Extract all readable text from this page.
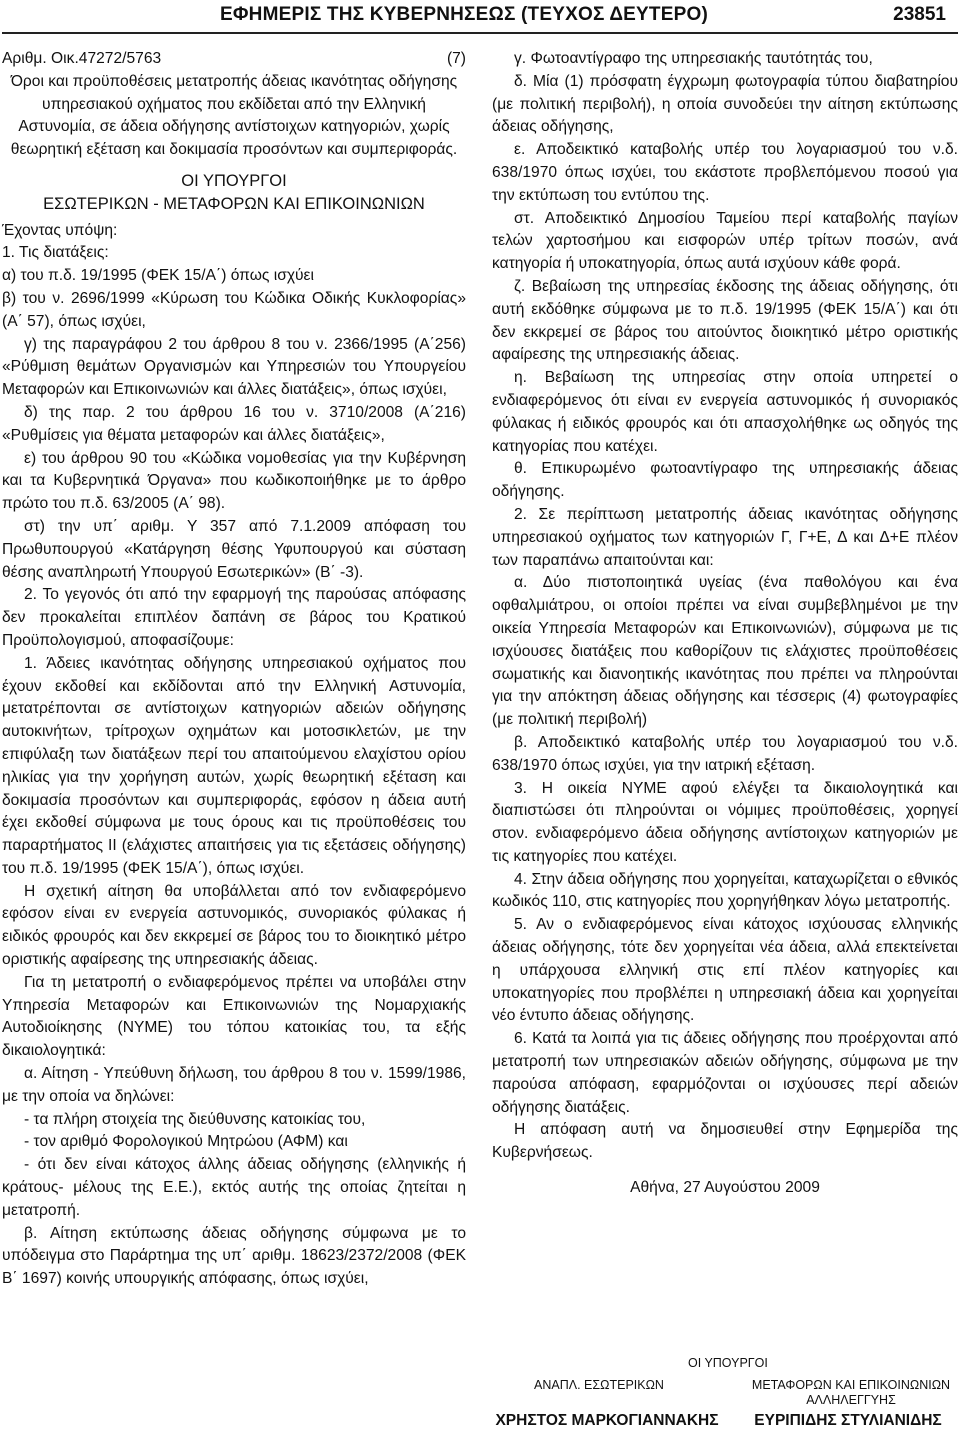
ΕΦΗΜΕΡΙΣ ΤΗΣ ΚΥΒΕΡΝΗΣΕΩΣ (ΤΕΥΧΟΣ ΔΕΥΤΕΡΟ)	23851

Αριθμ. Οικ.47272/5763	(7)

Όροι και προϋποθέσεις μετατροπής άδειας ικανότητας οδήγησης υπηρεσιακού οχήματος που εκδίδεται από την Ελληνική Αστυνομία, σε άδεια οδήγησης αντίστοιχων κατηγοριών, χωρίς θεωρητική εξέταση και δοκιμασία προσόντων και συμπεριφοράς.

ΟΙ ΥΠΟΥΡΓΟΙ

ΕΣΩΤΕΡΙΚΩΝ - ΜΕΤΑΦΟΡΩΝ ΚΑΙ ΕΠΙΚΟΙΝΩΝΙΩΝ

Έχοντας υπόψη:

1. Τις διατάξεις:

α) του π.δ. 19/1995 (ΦΕΚ 15/Α΄) όπως ισχύει

β) του ν. 2696/1999 «Κύρωση του Κώδικα Οδικής Κυκλοφορίας» (Α΄ 57), όπως ισχύει,

γ) της παραγράφου 2 του άρθρου 8 του ν. 2366/1995 (Α΄256) «Ρύθμιση θεμάτων Οργανισμών και Υπηρεσιών του Υπουργείου Μεταφορών και Επικοινωνιών και άλλες διατάξεις», όπως ισχύει,

δ) της παρ. 2 του άρθρου 16 του ν. 3710/2008 (Α΄216) «Ρυθμίσεις για θέματα μεταφορών και άλλες διατάξεις»,

ε) του άρθρου 90 του «Κώδικα νομοθεσίας για την Κυβέρνηση και τα Κυβερνητικά Όργανα» που κωδικοποιήθηκε με το άρθρο πρώτο του π.δ. 63/2005 (Α΄ 98).

στ) την υπ΄ αριθμ. Υ 357 από 7.1.2009 απόφαση του Πρωθυπουργού «Κατάργηση θέσης Υφυπουργού και σύσταση θέσης αναπληρωτή Υπουργού Εσωτερικών» (Β΄ -3).

2. Το γεγονός ότι από την εφαρμογή της παρούσας απόφασης δεν προκαλείται επιπλέον δαπάνη σε βάρος του Κρατικού Προϋπολογισμού, αποφασίζουμε:

1. Άδειες ικανότητας οδήγησης υπηρεσιακού οχήματος που έχουν εκδοθεί και εκδίδονται από την Ελληνική Αστυνομία, μετατρέπονται σε αντίστοιχων κατηγοριών αδειών οδήγησης αυτοκινήτων, τρίτροχων οχημάτων και μοτοσικλετών, με την επιφύλαξη των διατάξεων περί του απαιτούμενου ελαχίστου ορίου ηλικίας για την χορήγηση αυτών, χωρίς θεωρητική εξέταση και δοκιμασία προσόντων και συμπεριφοράς, εφόσον η άδεια αυτή έχει εκδοθεί σύμφωνα με τους όρους και τις προϋποθέσεις του παραρτήματος ΙΙ (ελάχιστες απαιτήσεις για τις εξετάσεις οδήγησης) του π.δ. 19/1995 (ΦΕΚ 15/Α΄), όπως ισχύει.

Η σχετική αίτηση θα υποβάλλεται από τον ενδιαφερόμενο εφόσον είναι εν ενεργεία αστυνομικός, συνοριακός φύλακας ή ειδικός φρουρός και δεν εκκρεμεί σε βάρος του το διοικητικό μέτρο οριστικής αφαίρεσης της υπηρεσιακής άδειας.

Για τη μετατροπή ο ενδιαφερόμενος πρέπει να υποβάλει στην Υπηρεσία Μεταφορών και Επικοινωνιών της Νομαρχιακής Αυτοδιοίκησης (ΝΥΜΕ) του τόπου κατοικίας του, τα εξής δικαιολογητικά:

α. Αίτηση - Υπεύθυνη δήλωση, του άρθρου 8 του ν. 1599/1986, με την οποία να δηλώνει:

- τα πλήρη στοιχεία της διεύθυνσης κατοικίας του,

- τον αριθμό Φορολογικού Μητρώου (ΑΦΜ) και

- ότι δεν είναι κάτοχος άλλης άδειας οδήγησης (ελληνικής ή κράτους- μέλους της Ε.Ε.), εκτός αυτής της οποίας ζητείται η μετατροπή.

β. Αίτηση εκτύπωσης άδειας οδήγησης σύμφωνα με το υπόδειγμα στο Παράρτημα της υπ΄ αριθμ. 18623/2372/2008 (ΦΕΚ Β΄ 1697) κοινής υπουργικής απόφασης, όπως ισχύει,

γ. Φωτοαντίγραφο της υπηρεσιακής ταυτότητάς του,

δ. Μία (1) πρόσφατη έγχρωμη φωτογραφία τύπου διαβατηρίου (με πολιτική περιβολή), η οποία συνοδεύει την αίτηση εκτύπωσης άδειας οδήγησης,

ε. Αποδεικτικό καταβολής υπέρ του λογαριασμού του ν.δ. 638/1970 όπως ισχύει, του εκάστοτε προβλεπόμενου ποσού για την εκτύπωση του εντύπου της.

στ. Αποδεικτικό Δημοσίου Ταμείου περί καταβολής παγίων τελών χαρτοσήμου και εισφορών υπέρ τρίτων ποσών, ανά κατηγορία ή υποκατηγορία, όπως αυτά ισχύουν κάθε φορά.

ζ. Βεβαίωση της υπηρεσίας έκδοσης της άδειας οδήγησης, ότι αυτή εκδόθηκε σύμφωνα με το π.δ. 19/1995 (ΦΕΚ 15/Α΄) και ότι δεν εκκρεμεί σε βάρος του αιτούντος διοικητικό μέτρο οριστικής αφαίρεσης της υπηρεσιακής άδειας.

η. Βεβαίωση της υπηρεσίας στην οποία υπηρετεί ο ενδιαφερόμενος ότι είναι εν ενεργεία αστυνομικός ή συνοριακός φύλακας ή ειδικός φρουρός και ότι απασχολήθηκε ως οδηγός της κατηγορίας που κατέχει.

θ. Επικυρωμένο φωτοαντίγραφο της υπηρεσιακής άδειας οδήγησης.

2. Σε περίπτωση μετατροπής άδειας ικανότητας οδήγησης υπηρεσιακού οχήματος των κατηγοριών Γ, Γ+Ε, Δ και Δ+Ε πλέον των παραπάνω απαιτούνται και:

α. Δύο πιστοποιητικά υγείας (ένα παθολόγου και ένα οφθαλμιάτρου, οι οποίοι πρέπει να είναι συμβεβλημένοι με την οικεία Υπηρεσία Μεταφορών και Επικοινωνιών), σύμφωνα με τις ισχύουσες διατάξεις που καθορίζουν τις ελάχιστες προϋποθέσεις σωματικής και διανοητικής ικανότητας που πρέπει να πληρούνται για την απόκτηση άδειας οδήγησης και τέσσερις (4) φωτογραφίες (με πολιτική περιβολή)

β. Αποδεικτικό καταβολής υπέρ του λογαριασμού του ν.δ. 638/1970 όπως ισχύει, για την ιατρική εξέταση.

3. Η οικεία ΝΥΜΕ αφού ελέγξει τα δικαιολογητικά και διαπιστώσει ότι πληρούνται οι νόμιμες προϋποθέσεις, χορηγεί στον. ενδιαφερόμενο άδεια οδήγησης αντίστοιχων κατηγοριών με τις κατηγορίες που κατέχει.

4. Στην άδεια οδήγησης που χορηγείται, καταχωρίζεται ο εθνικός κωδικός 110, στις κατηγορίες που χορηγήθηκαν λόγω μετατροπής.

5. Αν ο ενδιαφερόμενος είναι κάτοχος ισχύουσας ελληνικής άδειας οδήγησης, τότε δεν χορηγείται νέα άδεια, αλλά επεκτείνεται η υπάρχουσα ελληνική στις επί πλέον κατηγορίες και υποκατηγορίες που προβλέπει η υπηρεσιακή άδεια και χορηγείται νέο έντυπο άδειας οδήγησης.

6. Κατά τα λοιπά για τις άδειες οδήγησης που προέρχονται από μετατροπή των υπηρεσιακών αδειών οδήγησης, σύμφωνα με την παρούσα απόφαση, εφαρμόζονται οι ισχύουσες περί αδειών οδήγησης διατάξεις.

Η απόφαση αυτή να δημοσιευθεί στην Εφημερίδα της Κυβερνήσεως.

Αθήνα, 27 Αυγούστου 2009

ΟΙ ΥΠΟΥΡΓΟΙ
ΑΝΑΠΛ. ΕΣΩΤΕΡΙΚΩΝ	ΜΕΤΑΦΟΡΩΝ ΚΑΙ ΕΠΙΚΟΙΝΩΝΙΩΝ
ΑΛΛΗΛΕΓΓΥΗΣ
ΧΡΗΣΤΟΣ ΜΑΡΚΟΓΙΑΝΝΑΚΗΣ	ΕΥΡΙΠΙΔΗΣ ΣΤΥΛΙΑΝΙΔΗΣ
